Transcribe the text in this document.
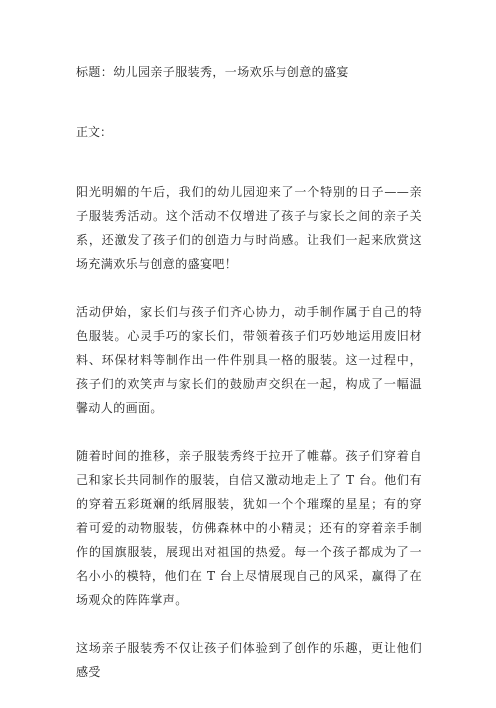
标题：幼儿园亲子服装秀，一场欢乐与创意的盛宴
正文：

阳光明媚的午后，我们的幼儿园迎来了一个特别的日子——亲子服装秀活动。这个活动不仅增进了孩子与家长之间的亲子关系，还激发了孩子们的创造力与时尚感。让我们一起来欣赏这场充满欢乐与创意的盛宴吧！

活动伊始，家长们与孩子们齐心协力，动手制作属于自己的特色服装。心灵手巧的家长们，带领着孩子们巧妙地运用废旧材料、环保材料等制作出一件件别具一格的服装。这一过程中，孩子们的欢笑声与家长们的鼓励声交织在一起，构成了一幅温馨动人的画面。

随着时间的推移，亲子服装秀终于拉开了帷幕。孩子们穿着自己和家长共同制作的服装，自信又激动地走上了 T 台。他们有的穿着五彩斑斓的纸屑服装，犹如一个个璀璨的星星；有的穿着可爱的动物服装，仿佛森林中的小精灵；还有的穿着亲手制作的国旗服装，展现出对祖国的热爱。每一个孩子都成为了一名小小的模特，他们在 T 台上尽情展现自己的风采，赢得了在场观众的阵阵掌声。

这场亲子服装秀不仅让孩子们体验到了创作的乐趣，更让他们感受
